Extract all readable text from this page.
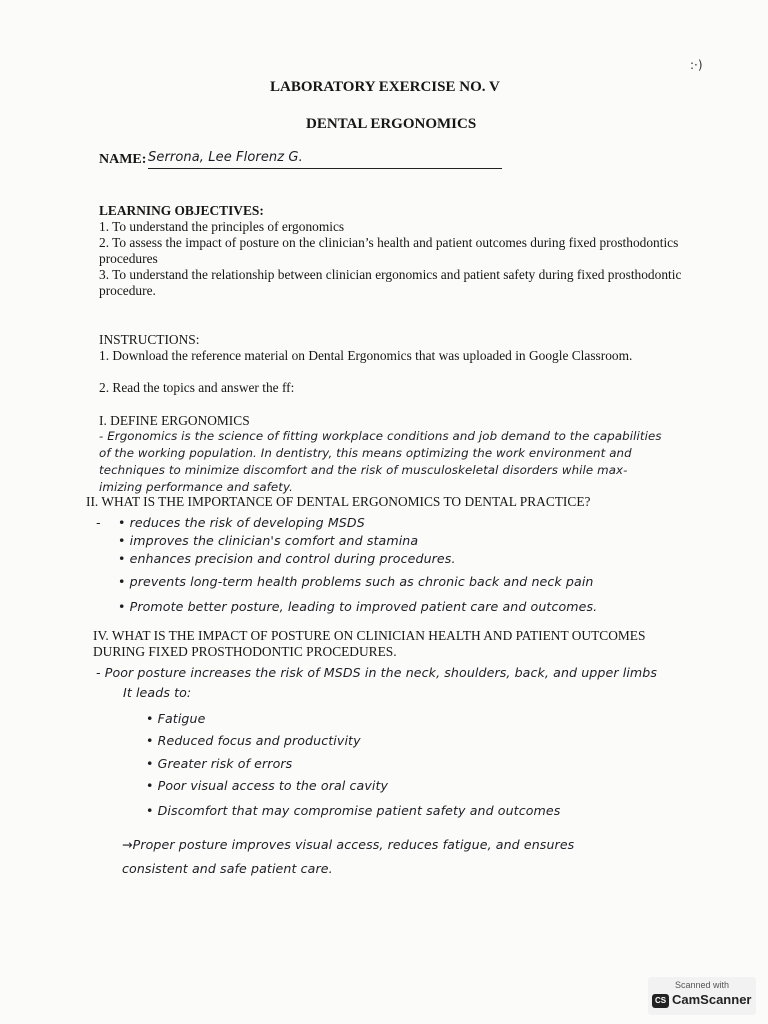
:·)
LABORATORY EXERCISE NO. V
DENTAL ERGONOMICS
NAME: Serrona, Lee Florenz G.
LEARNING OBJECTIVES:
1. To understand the principles of ergonomics
2. To assess the impact of posture on the clinician’s health and patient outcomes during fixed prosthodontics procedures
3. To understand the relationship between clinician ergonomics and patient safety during fixed prosthodontic procedure.
INSTRUCTIONS:
1. Download the reference material on Dental Ergonomics that was uploaded in Google Classroom.
2. Read the topics and answer the ff:
I. DEFINE ERGONOMICS
- Ergonomics is the science of fitting workplace conditions and job demand to the capabilities
of the working population. In dentistry, this means optimizing the work environment and
techniques to minimize discomfort and the risk of musculoskeletal disorders while max-
imizing performance and safety.
II. WHAT IS THE IMPORTANCE OF DENTAL ERGONOMICS TO DENTAL PRACTICE?
- • reduces the risk of developing MSDS
• improves the clinician's comfort and stamina
• enhances precision and control during procedures.
• prevents long-term health problems such as chronic back and neck pain
• Promote better posture, leading to improved patient care and outcomes.
IV. WHAT IS THE IMPACT OF POSTURE ON CLINICIAN HEALTH AND PATIENT OUTCOMES DURING FIXED PROSTHODONTIC PROCEDURES.
- Poor posture increases the risk of MSDS in the neck, shoulders, back, and upper limbs
It leads to:
• Fatigue
• Reduced focus and productivity
• Greater risk of errors
• Poor visual access to the oral cavity
• Discomfort that may compromise patient safety and outcomes
→Proper posture improves visual access, reduces fatigue, and ensures
consistent and safe patient care.
Scanned with
CS CamScanner
